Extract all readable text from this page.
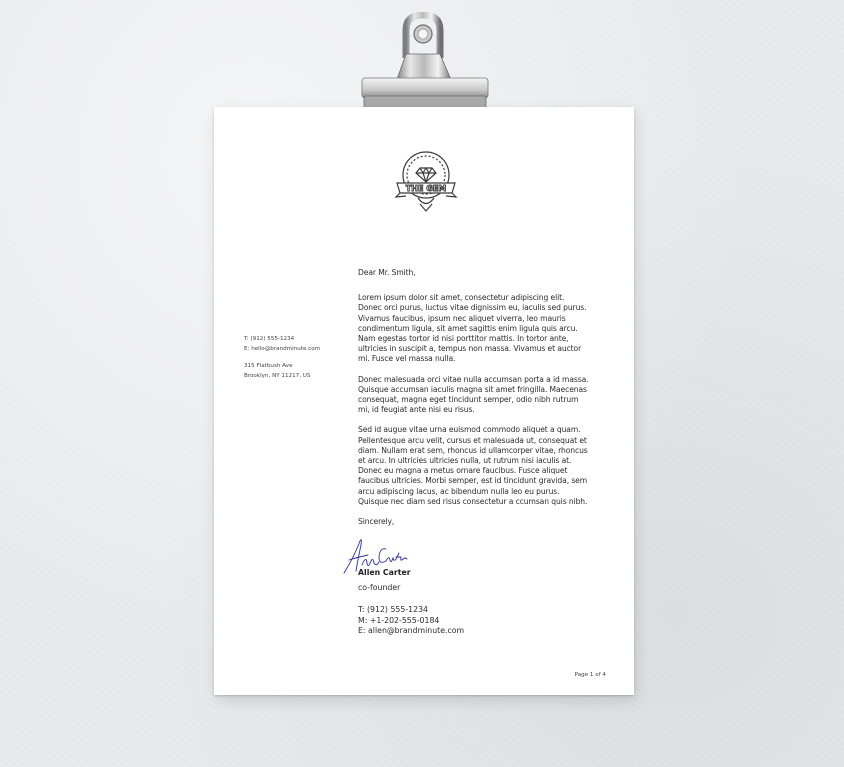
THE GEM
T: (912) 555-1234
E: hello@brandminute.com
315 Flatbush Ave
Brooklyn, NY 11217, US

Dear Mr. Smith,

Lorem ipsum dolor sit amet, consectetur adipiscing elit. Donec orci purus, luctus vitae dignissim eu, iaculis sed purus. Vivamus faucibus, ipsum nec aliquet viverra, leo mauris condimentum ligula, sit amet sagittis enim ligula quis arcu. Nam egestas tortor id nisi porttitor mattis. In tortor ante, ultricies in suscipit a, tempus non massa. Vivamus et auctor mi. Fusce vel massa nulla.

Donec malesuada orci vitae nulla accumsan porta a id massa. Quisque accumsan iaculis magna sit amet fringilla. Maecenas consequat, magna eget tincidunt semper, odio nibh rutrum mi, id feugiat ante nisi eu risus.

Sed id augue vitae urna euismod commodo aliquet a quam. Pellentesque arcu velit, cursus et malesuada ut, consequat et diam. Nullam erat sem, rhoncus id ullamcorper vitae, rhoncus et arcu. In ultricies ultricies nulla, ut rutrum nisi iaculis at. Donec eu magna a metus ornare faucibus. Fusce aliquet faucibus ultricies. Morbi semper, est id tincidunt gravida, sem arcu adipiscing lacus, ac bibendum nulla leo eu purus. Quisque nec diam sed risus consectetur a ccumsan quis nibh.

Sincerely,

Allen Carter
co-founder
T: (912) 555-1234
M: +1-202-555-0184
E: allen@brandminute.com
Page 1 of 4
